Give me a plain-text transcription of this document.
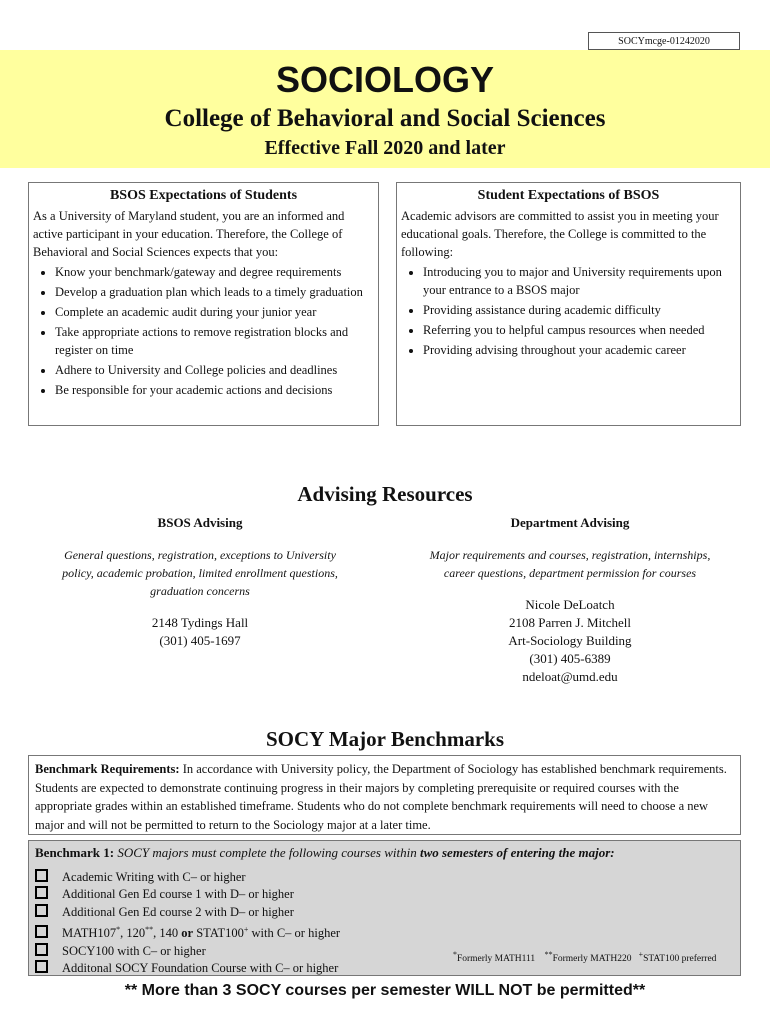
SOCYmcge-01242020
SOCIOLOGY
College of Behavioral and Social Sciences
Effective Fall 2020 and later
BSOS Expectations of Students
As a University of Maryland student, you are an informed and active participant in your education. Therefore, the College of Behavioral and Social Sciences expects that you:
• Know your benchmark/gateway and degree requirements
• Develop a graduation plan which leads to a timely graduation
• Complete an academic audit during your junior year
• Take appropriate actions to remove registration blocks and register on time
• Adhere to University and College policies and deadlines
• Be responsible for your academic actions and decisions
Student Expectations of BSOS
Academic advisors are committed to assist you in meeting your educational goals. Therefore, the College is committed to the following:
• Introducing you to major and University requirements upon your entrance to a BSOS major
• Providing assistance during academic difficulty
• Referring you to helpful campus resources when needed
• Providing advising throughout your academic career
Advising Resources
BSOS Advising
General questions, registration, exceptions to University policy, academic probation, limited enrollment questions, graduation concerns
2148 Tydings Hall
(301) 405-1697
Department Advising
Major requirements and courses, registration, internships, career questions, department permission for courses
Nicole DeLoatch
2108 Parren J. Mitchell
Art-Sociology Building
(301) 405-6389
ndeloat@umd.edu
SOCY Major Benchmarks
Benchmark Requirements: In accordance with University policy, the Department of Sociology has established benchmark requirements. Students are expected to demonstrate continuing progress in their majors by completing prerequisite or required courses with the appropriate grades within an established timeframe. Students who do not complete benchmark requirements will need to choose a new major and will not be permitted to return to the Sociology major at a later time.
Benchmark 1: SOCY majors must complete the following courses within two semesters of entering the major:
Academic Writing with C– or higher
Additional Gen Ed course 1 with D– or higher
Additional Gen Ed course 2 with D– or higher
MATH107*, 120**, 140 or STAT100+ with C– or higher
SOCY100 with C– or higher
Additonal SOCY Foundation Course with C– or higher
*Formerly MATH111 **Formerly MATH220 +STAT100 preferred
** More than 3 SOCY courses per semester WILL NOT be permitted**
